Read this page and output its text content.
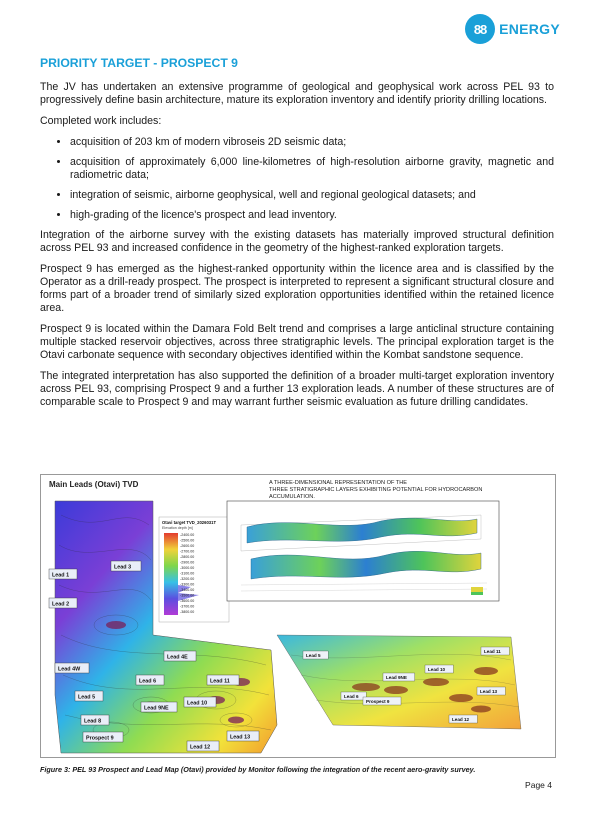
88 ENERGY
PRIORITY TARGET - PROSPECT 9

The JV has undertaken an extensive programme of geological and geophysical work across PEL 93 to progressively define basin architecture, mature its exploration inventory and identify priority drilling locations.

Completed work includes:

• acquisition of 203 km of modern vibroseis 2D seismic data;
• acquisition of approximately 6,000 line-kilometres of high-resolution airborne gravity, magnetic and radiometric data;
• integration of seismic, airborne geophysical, well and regional geological datasets; and
• high-grading of the licence's prospect and lead inventory.

Integration of the airborne survey with the existing datasets has materially improved structural definition across PEL 93 and increased confidence in the geometry of the highest-ranked exploration targets.

Prospect 9 has emerged as the highest-ranked opportunity within the licence area and is classified by the Operator as a drill-ready prospect. The prospect is interpreted to represent a significant structural closure and forms part of a broader trend of similarly sized exploration opportunities identified within the retained licence area.

Prospect 9 is located within the Damara Fold Belt trend and comprises a large anticlinal structure containing multiple stacked reservoir objectives, across three stratigraphic levels. The principal exploration target is the Otavi carbonate sequence with secondary objectives identified within the Kombat sandstone sequence.

The integrated interpretation has also supported the definition of a broader multi-target exploration inventory across PEL 93, comprising Prospect 9 and a further 13 exploration leads. A number of these structures are of comparable scale to Prospect 9 and may warrant further seismic evaluation as future drilling candidates.

Main Leads (Otavi) TVD
Lead 3
Lead 1
Lead 2
Lead 4E
Lead 4W
Lead 6	Lead 11
Lead 5
Lead 9NE
Lead 10
Lead 8
Prospect 9	Lead 13
Lead 12
Otavi target TVD_2026031T
Elevation depth [m]
-2400.00
-2500.00
-2600.00
-2700.00
-2800.00
-2900.00
-3000.00
-3100.00
-3200.00
-3300.00
-3400.00
-3500.00
-3600.00
-3700.00
-3800.00
A THREE-DIMENSIONAL REPRESENTATION OF THE THREE STRATIGRAPHIC LAYERS EXHIBITING POTENTIAL FOR HYDROCARBON ACCUMULATION.
Lead 11
Lead 5
Lead 10
Lead 9NE
Lead 13
Lead 6
Prospect 9
Lead 12
Figure 3: PEL 93 Prospect and Lead Map (Otavi) provided by Monitor following the integration of the recent aero-gravity survey.
Page 4
